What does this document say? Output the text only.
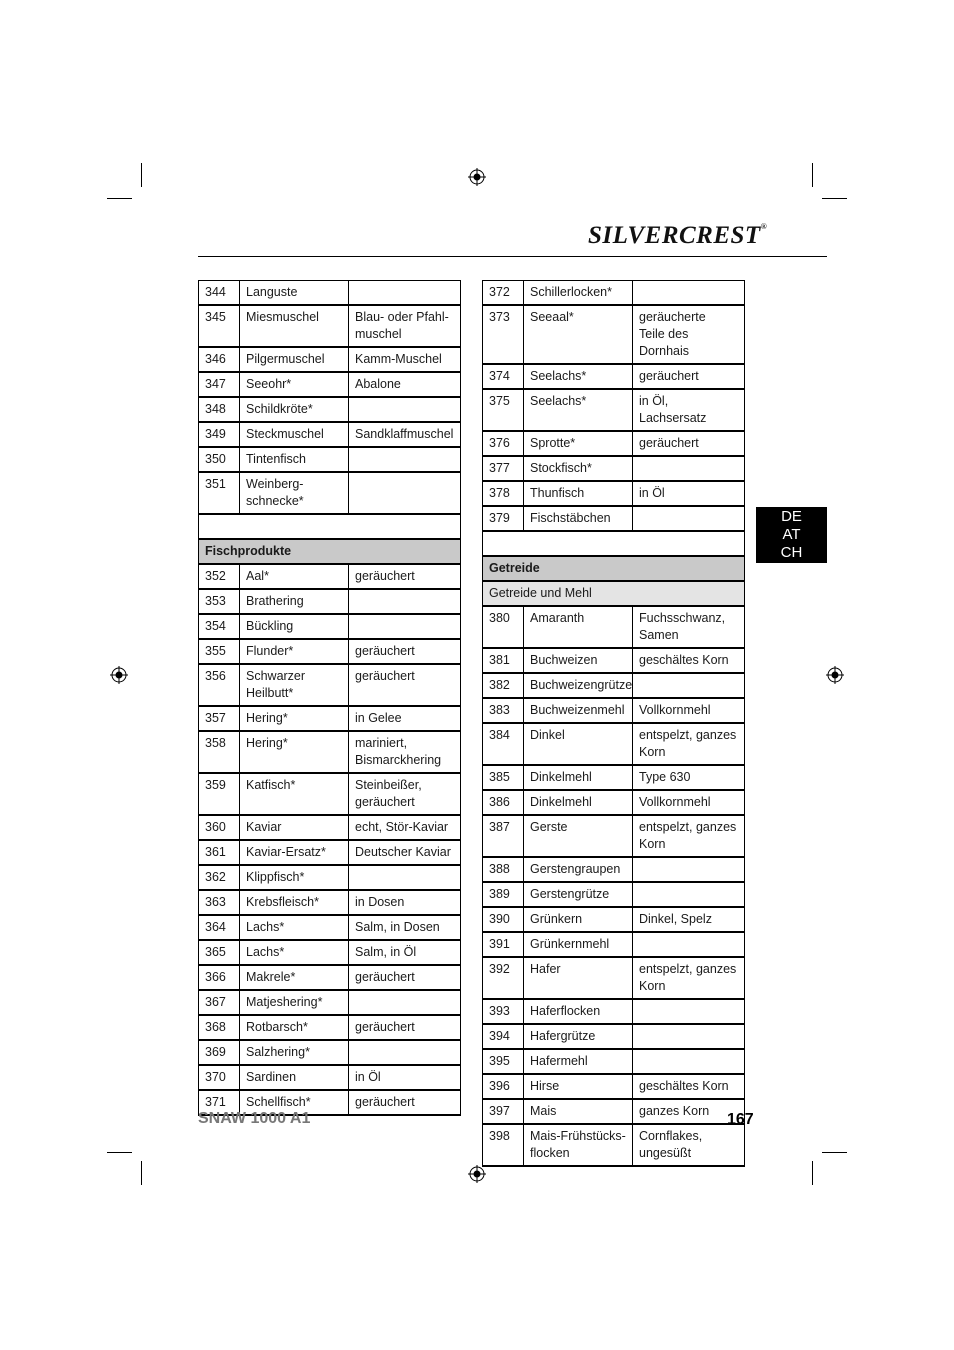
SILVERCREST®
344	Languste	
345	Miesmuschel	Blau- oder Pfahl-
muschel
346	Pilgermuschel	Kamm-Muschel
347	Seeohr*	Abalone
348	Schildkröte*	
349	Steckmuschel	Sandklaffmuschel
350	Tintenfisch	
351	Weinberg-
schnecke*	

Fischprodukte		
352	Aal*	geräuchert
353	Brathering	
354	Bückling	
355	Flunder*	geräuchert
356	Schwarzer
Heilbutt*	geräuchert
357	Hering*	in Gelee
358	Hering*	mariniert,
Bismarckhering
359	Katfisch*	Steinbeißer,
geräuchert
360	Kaviar	echt, Stör-Kaviar
361	Kaviar-Ersatz*	Deutscher Kaviar
362	Klippfisch*	
363	Krebsfleisch*	in Dosen
364	Lachs*	Salm, in Dosen
365	Lachs*	Salm, in Öl
366	Makrele*	geräuchert
367	Matjeshering*	
368	Rotbarsch*	geräuchert
369	Salzhering*	
370	Sardinen	in Öl
371	Schellfisch*	geräuchert
372	Schillerlocken*	
373	Seeaal*	geräucherte
Teile des Dornhais
374	Seelachs*	geräuchert
375	Seelachs*	in Öl, Lachsersatz
376	Sprotte*	geräuchert
377	Stockfisch*	
378	Thunfisch	in Öl
379	Fischstäbchen	

Getreide		
Getreide und Mehl		
380	Amaranth	Fuchsschwanz,
Samen
381	Buchweizen	geschältes Korn
382	Buchweizengrütze	
383	Buchweizenmehl	Vollkornmehl
384	Dinkel	entspelzt, ganzes
Korn
385	Dinkelmehl	Type 630
386	Dinkelmehl	Vollkornmehl
387	Gerste	entspelzt, ganzes
Korn
388	Gerstengraupen	
389	Gerstengrütze	
390	Grünkern	Dinkel, Spelz
391	Grünkernmehl	
392	Hafer	entspelzt, ganzes
Korn
393	Haferflocken	
394	Hafergrütze	
395	Hafermehl	
396	Hirse	geschältes Korn
397	Mais	ganzes Korn
398	Mais-Frühstücks-
flocken	Cornflakes,
ungesüßt
DE
AT
CH
SNAW 1000 A1	167
